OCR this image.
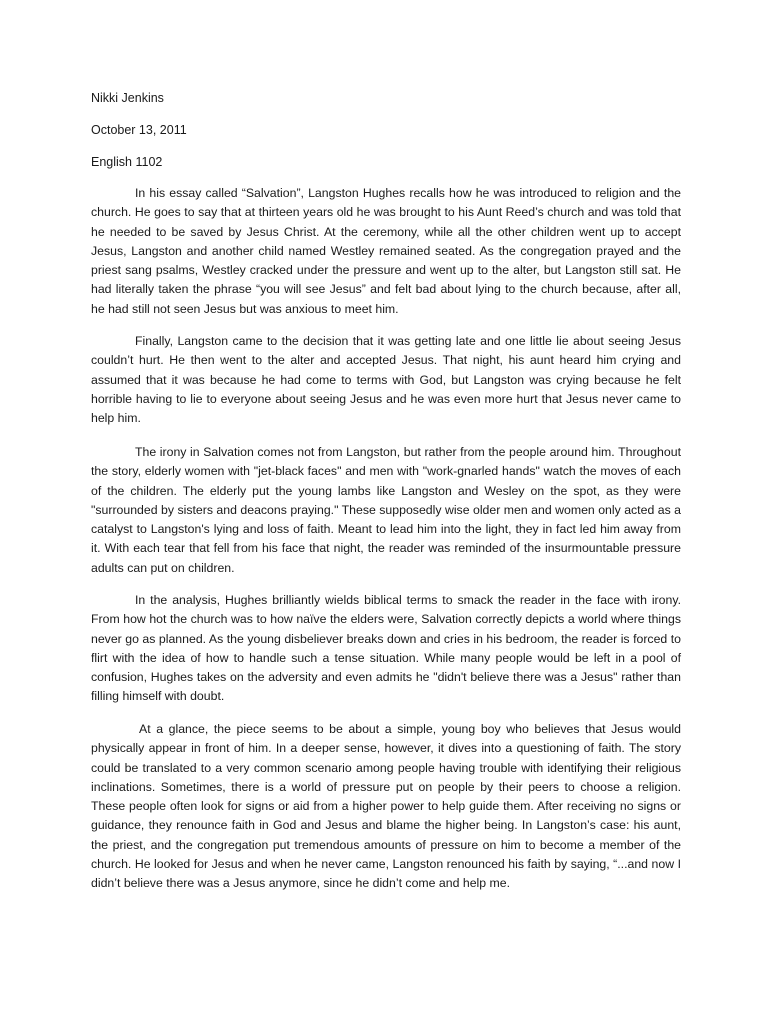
Nikki Jenkins
October 13, 2011
English 1102

In his essay called “Salvation”, Langston Hughes recalls how he was introduced to religion and the church. He goes to say that at thirteen years old he was brought to his Aunt Reed’s church and was told that he needed to be saved by Jesus Christ. At the ceremony, while all the other children went up to accept Jesus, Langston and another child named Westley remained seated. As the congregation prayed and the priest sang psalms, Westley cracked under the pressure and went up to the alter, but Langston still sat. He had literally taken the phrase “you will see Jesus” and felt bad about lying to the church because, after all, he had still not seen Jesus but was anxious to meet him.

Finally, Langston came to the decision that it was getting late and one little lie about seeing Jesus couldn’t hurt. He then went to the alter and accepted Jesus. That night, his aunt heard him crying and assumed that it was because he had come to terms with God, but Langston was crying because he felt horrible having to lie to everyone about seeing Jesus and he was even more hurt that Jesus never came to help him.

The irony in Salvation comes not from Langston, but rather from the people around him. Throughout the story, elderly women with "jet-black faces" and men with "work-gnarled hands" watch the moves of each of the children. The elderly put the young lambs like Langston and Wesley on the spot, as they were "surrounded by sisters and deacons praying." These supposedly wise older men and women only acted as a catalyst to Langston's lying and loss of faith. Meant to lead him into the light, they in fact led him away from it. With each tear that fell from his face that night, the reader was reminded of the insurmountable pressure adults can put on children.

In the analysis, Hughes brilliantly wields biblical terms to smack the reader in the face with irony. From how hot the church was to how naïve the elders were, Salvation correctly depicts a world where things never go as planned. As the young disbeliever breaks down and cries in his bedroom, the reader is forced to flirt with the idea of how to handle such a tense situation. While many people would be left in a pool of confusion, Hughes takes on the adversity and even admits he "didn't believe there was a Jesus" rather than filling himself with doubt.

At a glance, the piece seems to be about a simple, young boy who believes that Jesus would physically appear in front of him. In a deeper sense, however, it dives into a questioning of faith. The story could be translated to a very common scenario among people having trouble with identifying their religious inclinations. Sometimes, there is a world of pressure put on people by their peers to choose a religion. These people often look for signs or aid from a higher power to help guide them. After receiving no signs or guidance, they renounce faith in God and Jesus and blame the higher being. In Langston’s case: his aunt, the priest, and the congregation put tremendous amounts of pressure on him to become a member of the church. He looked for Jesus and when he never came, Langston renounced his faith by saying, “...and now I didn’t believe there was a Jesus anymore, since he didn’t come and help me.
